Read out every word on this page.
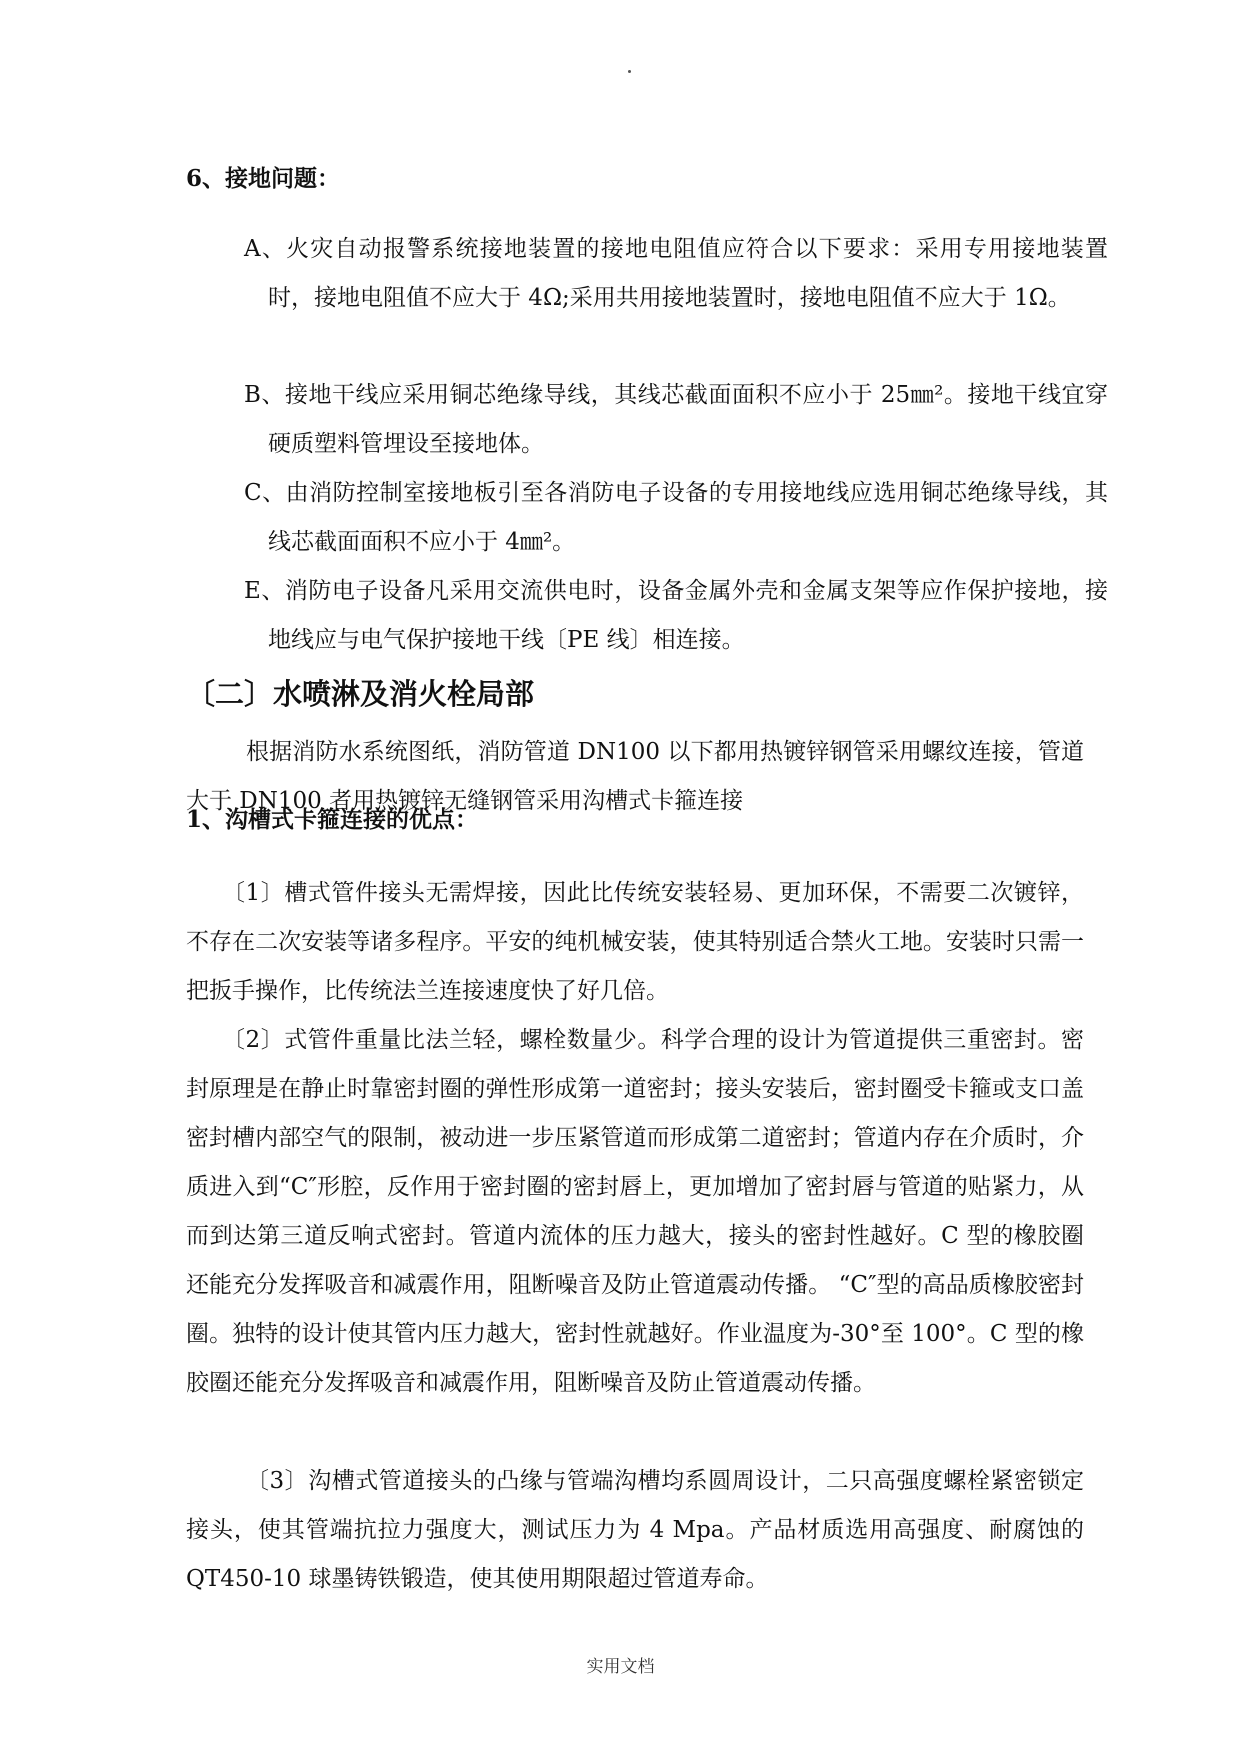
6、接地问题：
A、火灾自动报警系统接地装置的接地电阻值应符合以下要求：采用专用接地装置时，接地电阻值不应大于 4Ω;采用共用接地装置时，接地电阻值不应大于 1Ω。
B、接地干线应采用铜芯绝缘导线，其线芯截面面积不应小于 25㎜²。接地干线宜穿硬质塑料管埋设至接地体。
C、由消防控制室接地板引至各消防电子设备的专用接地线应选用铜芯绝缘导线，其线芯截面面积不应小于 4㎜²。
E、消防电子设备凡采用交流供电时，设备金属外壳和金属支架等应作保护接地，接地线应与电气保护接地干线〔PE 线〕相连接。
〔二〕水喷淋及消火栓局部
根据消防水系统图纸，消防管道 DN100 以下都用热镀锌钢管采用螺纹连接，管道大于 DN100 者用热镀锌无缝钢管采用沟槽式卡箍连接
1、沟槽式卡箍连接的优点：
〔1〕槽式管件接头无需焊接，因此比传统安装轻易、更加环保，不需要二次镀锌，不存在二次安装等诸多程序。平安的纯机械安装，使其特别适合禁火工地。安装时只需一把扳手操作，比传统法兰连接速度快了好几倍。
〔2〕式管件重量比法兰轻，螺栓数量少。科学合理的设计为管道提供三重密封。密封原理是在静止时靠密封圈的弹性形成第一道密封；接头安装后，密封圈受卡箍或支口盖密封槽内部空气的限制，被动进一步压紧管道而形成第二道密封；管道内存在介质时，介质进入到“C″形腔，反作用于密封圈的密封唇上，更加增加了密封唇与管道的贴紧力，从而到达第三道反响式密封。管道内流体的压力越大，接头的密封性越好。C 型的橡胶圈还能充分发挥吸音和减震作用，阻断噪音及防止管道震动传播。 “C″型的高品质橡胶密封圈。独特的设计使其管内压力越大，密封性就越好。作业温度为-30°至 100°。C 型的橡胶圈还能充分发挥吸音和减震作用，阻断噪音及防止管道震动传播。
〔3〕沟槽式管道接头的凸缘与管端沟槽均系圆周设计，二只高强度螺栓紧密锁定接头，使其管端抗拉力强度大，测试压力为 4 Mpa。产品材质选用高强度、耐腐蚀的 QT450-10 球墨铸铁锻造，使其使用期限超过管道寿命。
实用文档
